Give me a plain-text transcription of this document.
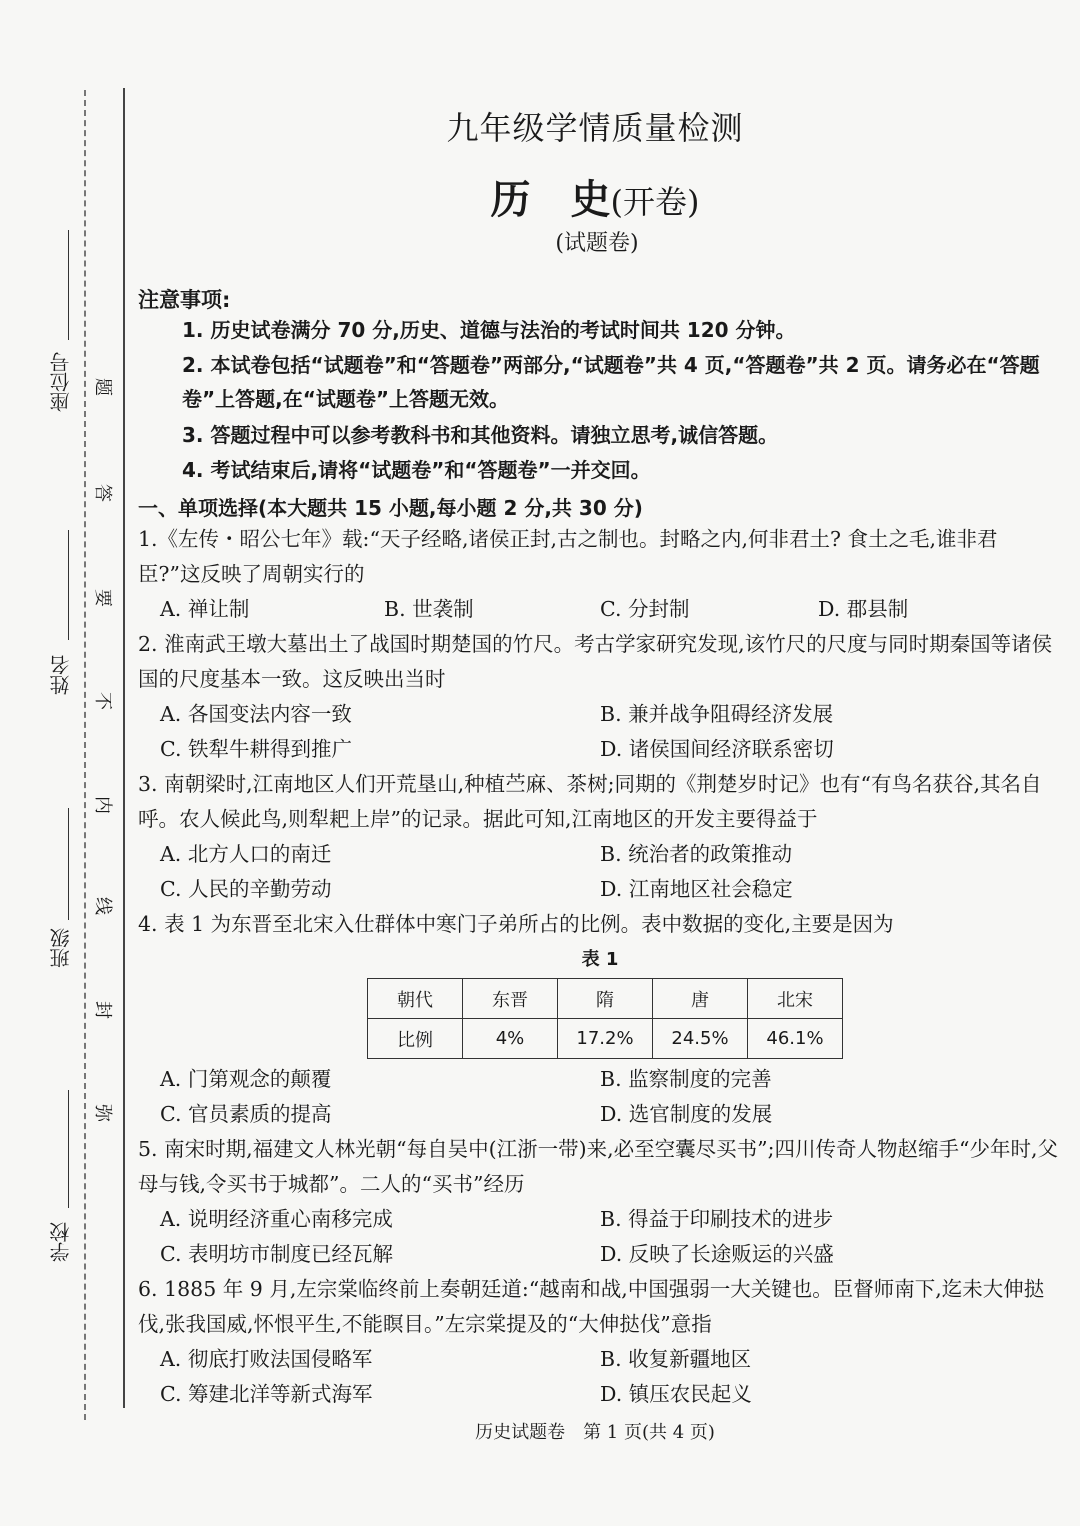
座位号
姓名
班级
学校
题
答
要
不
内
线
封
弥
九年级学情质量检测
历　史(开卷)
(试题卷)
注意事项:
1. 历史试卷满分 70 分,历史、道德与法治的考试时间共 120 分钟。
2. 本试卷包括“试题卷”和“答题卷”两部分,“试题卷”共 4 页,“答题卷”共 2 页。请务必在“答题卷”上答题,在“试题卷”上答题无效。
3. 答题过程中可以参考教科书和其他资料。请独立思考,诚信答题。
4. 考试结束后,请将“试题卷”和“答题卷”一并交回。
一、单项选择(本大题共 15 小题,每小题 2 分,共 30 分)
1.《左传・昭公七年》载:“天子经略,诸侯正封,古之制也。封略之内,何非君土? 食土之毛,谁非君臣?”这反映了周朝实行的
A. 禅让制	B. 世袭制	C. 分封制	D. 郡县制
2. 淮南武王墩大墓出土了战国时期楚国的竹尺。考古学家研究发现,该竹尺的尺度与同时期秦国等诸侯国的尺度基本一致。这反映出当时
A. 各国变法内容一致	B. 兼并战争阻碍经济发展
C. 铁犁牛耕得到推广	D. 诸侯国间经济联系密切
3. 南朝梁时,江南地区人们开荒垦山,种植苎麻、茶树;同期的《荆楚岁时记》也有“有鸟名获谷,其名自呼。农人候此鸟,则犁耙上岸”的记录。据此可知,江南地区的开发主要得益于
A. 北方人口的南迁	B. 统治者的政策推动
C. 人民的辛勤劳动	D. 江南地区社会稳定
4. 表 1 为东晋至北宋入仕群体中寒门子弟所占的比例。表中数据的变化,主要是因为
表 1
朝代	东晋	隋	唐	北宋
比例	4%	17.2%	24.5%	46.1%
A. 门第观念的颠覆	B. 监察制度的完善
C. 官员素质的提高	D. 选官制度的发展
5. 南宋时期,福建文人林光朝“每自吴中(江浙一带)来,必至空囊尽买书”;四川传奇人物赵缩手“少年时,父母与钱,令买书于城都”。二人的“买书”经历
A. 说明经济重心南移完成	B. 得益于印刷技术的进步
C. 表明坊市制度已经瓦解	D. 反映了长途贩运的兴盛
6. 1885 年 9 月,左宗棠临终前上奏朝廷道:“越南和战,中国强弱一大关键也。臣督师南下,迄未大伸挞伐,张我国威,怀恨平生,不能瞑目。”左宗棠提及的“大伸挞伐”意指
A. 彻底打败法国侵略军	B. 收复新疆地区
C. 筹建北洋等新式海军	D. 镇压农民起义
历史试题卷　第 1 页(共 4 页)
